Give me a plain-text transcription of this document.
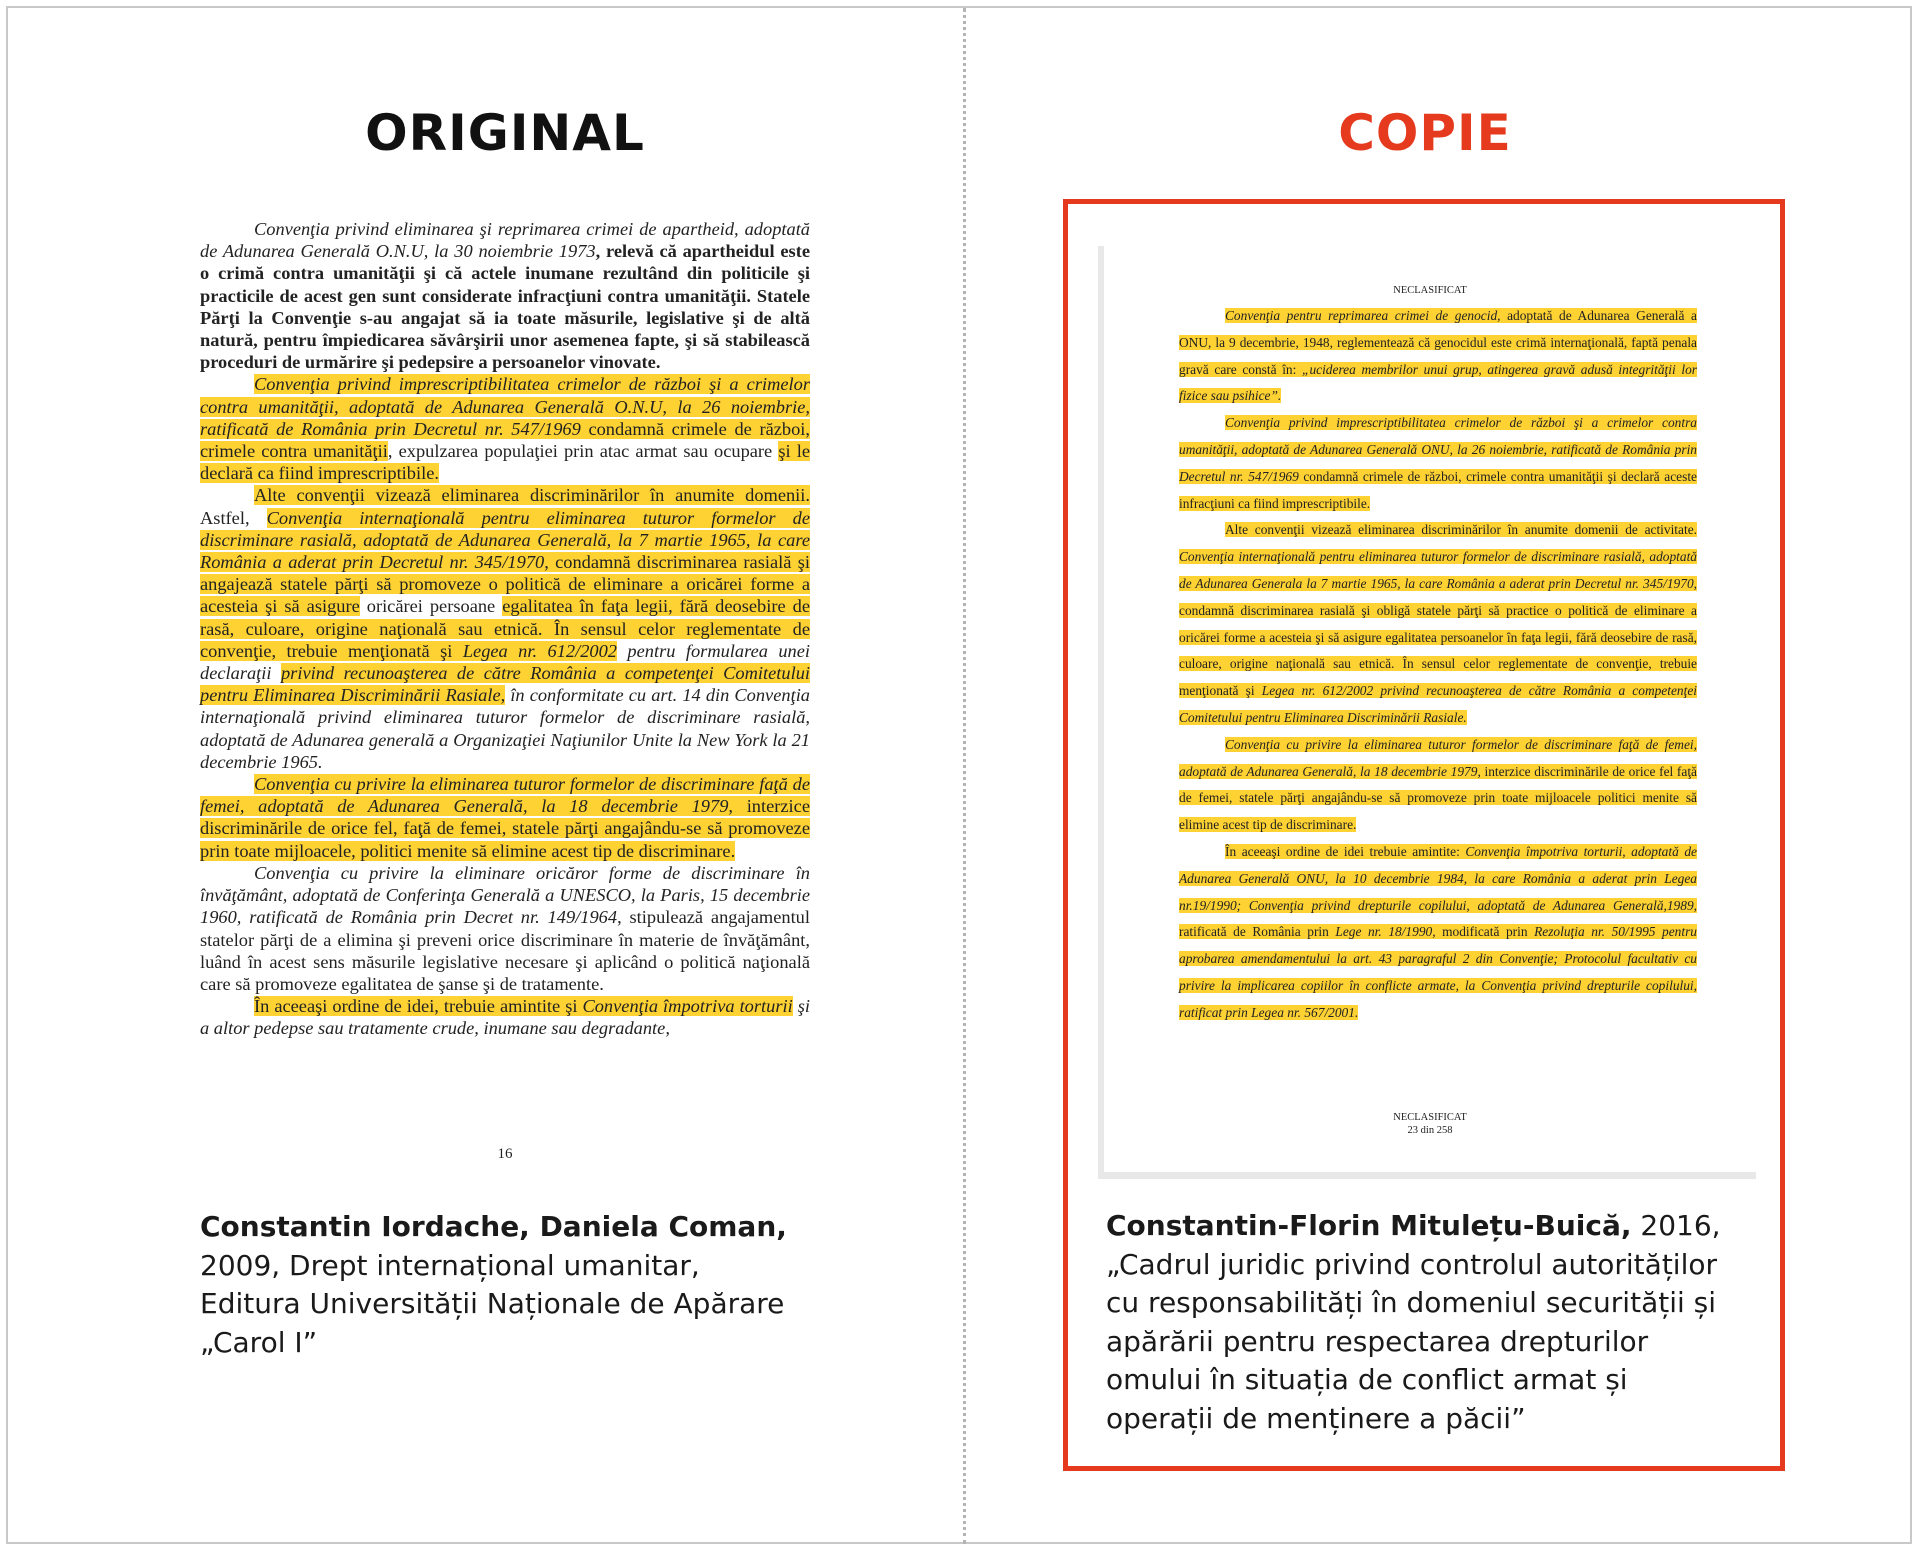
ORIGINAL	COPIE

Convenţia privind eliminarea şi reprimarea crimei de apartheid, adoptată de Adunarea Generală O.N.U, la 30 noiembrie 1973, relevă că apartheidul este o crimă contra umanităţii şi că actele inumane rezultând din politicile şi practicile de acest gen sunt considerate infracţiuni contra umanităţii. Statele Părţi la Convenţie s-au angajat să ia toate măsurile, legislative şi de altă natură, pentru împiedicarea săvârşirii unor asemenea fapte, şi să stabilească proceduri de urmărire şi pedepsire a persoanelor vinovate.

Convenţia privind imprescriptibilitatea crimelor de război şi a crimelor contra umanităţii, adoptată de Adunarea Generală O.N.U, la 26 noiembrie, ratificată de România prin Decretul nr. 547/1969 condamnă crimele de război, crimele contra umanităţii, expulzarea populaţiei prin atac armat sau ocupare şi le declară ca fiind imprescriptibile.

Alte convenţii vizează eliminarea discriminărilor în anumite domenii. Astfel, Convenţia internaţională pentru eliminarea tuturor formelor de discriminare rasială, adoptată de Adunarea Generală, la 7 martie 1965, la care România a aderat prin Decretul nr. 345/1970, condamnă discriminarea rasială şi angajează statele părţi să promoveze o politică de eliminare a oricărei forme a acesteia şi să asigure oricărei persoane egalitatea în faţa legii, fără deosebire de rasă, culoare, origine naţională sau etnică. În sensul celor reglementate de convenţie, trebuie menţionată şi Legea nr. 612/2002 pentru formularea unei declaraţii privind recunoaşterea de către România a competenţei Comitetului pentru Eliminarea Discriminării Rasiale, în conformitate cu art. 14 din Convenţia internaţională privind eliminarea tuturor formelor de discriminare rasială, adoptată de Adunarea generală a Organizaţiei Naţiunilor Unite la New York la 21 decembrie 1965.

Convenţia cu privire la eliminarea tuturor formelor de discriminare faţă de femei, adoptată de Adunarea Generală, la 18 decembrie 1979, interzice discriminările de orice fel, faţă de femei, statele părţi angajându-se să promoveze prin toate mijloacele, politici menite să elimine acest tip de discriminare.

Convenţia cu privire la eliminare oricăror forme de discriminare în învăţământ, adoptată de Conferinţa Generală a UNESCO, la Paris, 15 decembrie 1960, ratificată de România prin Decret nr. 149/1964, stipulează angajamentul statelor părţi de a elimina şi preveni orice discriminare în materie de învăţământ, luând în acest sens măsurile legislative necesare şi aplicând o politică naţională care să promoveze egalitatea de şanse şi de tratamente.

În aceeaşi ordine de idei, trebuie amintite şi Convenţia împotriva torturii şi a altor pedepse sau tratamente crude, inumane sau degradante,

16
NECLASIFICAT

Convenţia pentru reprimarea crimei de genocid, adoptată de Adunarea Generală a ONU, la 9 decembrie, 1948, reglementează că genocidul este crimă internaţională, faptă penala gravă care constă în: „uciderea membrilor unui grup, atingerea gravă adusă integrităţii lor fizice sau psihice”.

Convenţia privind imprescriptibilitatea crimelor de război şi a crimelor contra umanităţii, adoptată de Adunarea Generală ONU, la 26 noiembrie, ratificată de România prin Decretul nr. 547/1969 condamnă crimele de război, crimele contra umanităţii şi declară aceste infracţiuni ca fiind imprescriptibile.

Alte convenţii vizează eliminarea discriminărilor în anumite domenii de activitate. Convenţia internaţională pentru eliminarea tuturor formelor de discriminare rasială, adoptată de Adunarea Generala la 7 martie 1965, la care România a aderat prin Decretul nr. 345/1970, condamnă discriminarea rasială şi obligă statele părţi să practice o politică de eliminare a oricărei forme a acesteia şi să asigure egalitatea persoanelor în faţa legii, fără deosebire de rasă, culoare, origine naţională sau etnică. În sensul celor reglementate de convenţie, trebuie menţionată şi Legea nr. 612/2002 privind recunoaşterea de către România a competenţei Comitetului pentru Eliminarea Discriminării Rasiale.

Convenţia cu privire la eliminarea tuturor formelor de discriminare faţă de femei, adoptată de Adunarea Generală, la 18 decembrie 1979, interzice discriminările de orice fel faţă de femei, statele părţi angajându-se să promoveze prin toate mijloacele politici menite să elimine acest tip de discriminare.

În aceeaşi ordine de idei trebuie amintite: Convenţia împotriva torturii, adoptată de Adunarea Generală ONU, la 10 decembrie 1984, la care România a aderat prin Legea nr.19/1990; Convenţia privind drepturile copilului, adoptată de Adunarea Generală,1989, ratificată de România prin Lege nr. 18/1990, modificată prin Rezoluţia nr. 50/1995 pentru aprobarea amendamentului la art. 43 paragraful 2 din Convenţie; Protocolul facultativ cu privire la implicarea copiilor în conflicte armate, la Convenţia privind drepturile copilului, ratificat prin Legea nr. 567/2001.

NECLASIFICAT
23 din 258
Constantin Iordache, Daniela Coman,
2009, Drept internațional umanitar,
Editura Universității Naționale de Apărare
„Carol I”
Constantin-Florin Mitulețu-Buică, 2016,
„Cadrul juridic privind controlul autorităților
cu responsabilități în domeniul securității și
apărării pentru respectarea drepturilor
omului în situația de conflict armat și
operații de menținere a păcii”
